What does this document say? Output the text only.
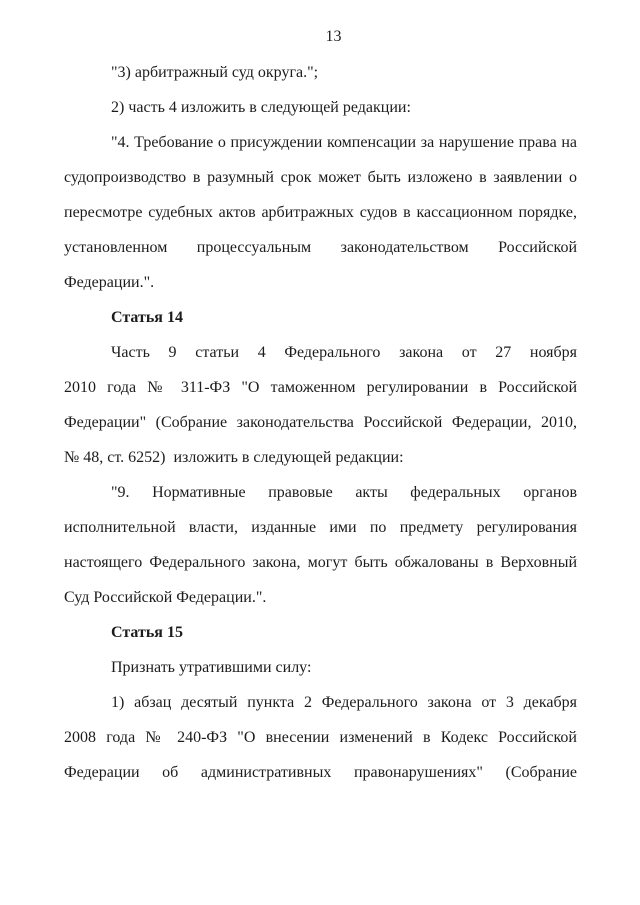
13
"3) арбитражный суд округа.";
2) часть 4 изложить в следующей редакции:
"4. Требование о присуждении компенсации за нарушение права на
судопроизводство в разумный срок может быть изложено в заявлении о
пересмотре судебных актов арбитражных судов в кассационном порядке,
установленном процессуальным законодательством Российской
Федерации.".
Статья 14
Часть 9 статьи 4 Федерального закона от 27 ноября
2010 года № 311-ФЗ "О таможенном регулировании в Российской
Федерации" (Собрание законодательства Российской Федерации, 2010,
№ 48, ст. 6252)  изложить в следующей редакции:
"9. Нормативные правовые акты федеральных органов
исполнительной власти, изданные ими по предмету регулирования
настоящего Федерального закона, могут быть обжалованы в Верховный
Суд Российской Федерации.".
Статья 15
Признать утратившими силу:
1) абзац десятый пункта 2 Федерального закона от 3 декабря
2008 года № 240-ФЗ "О внесении изменений в Кодекс Российской
Федерации об административных правонарушениях" (Собрание
